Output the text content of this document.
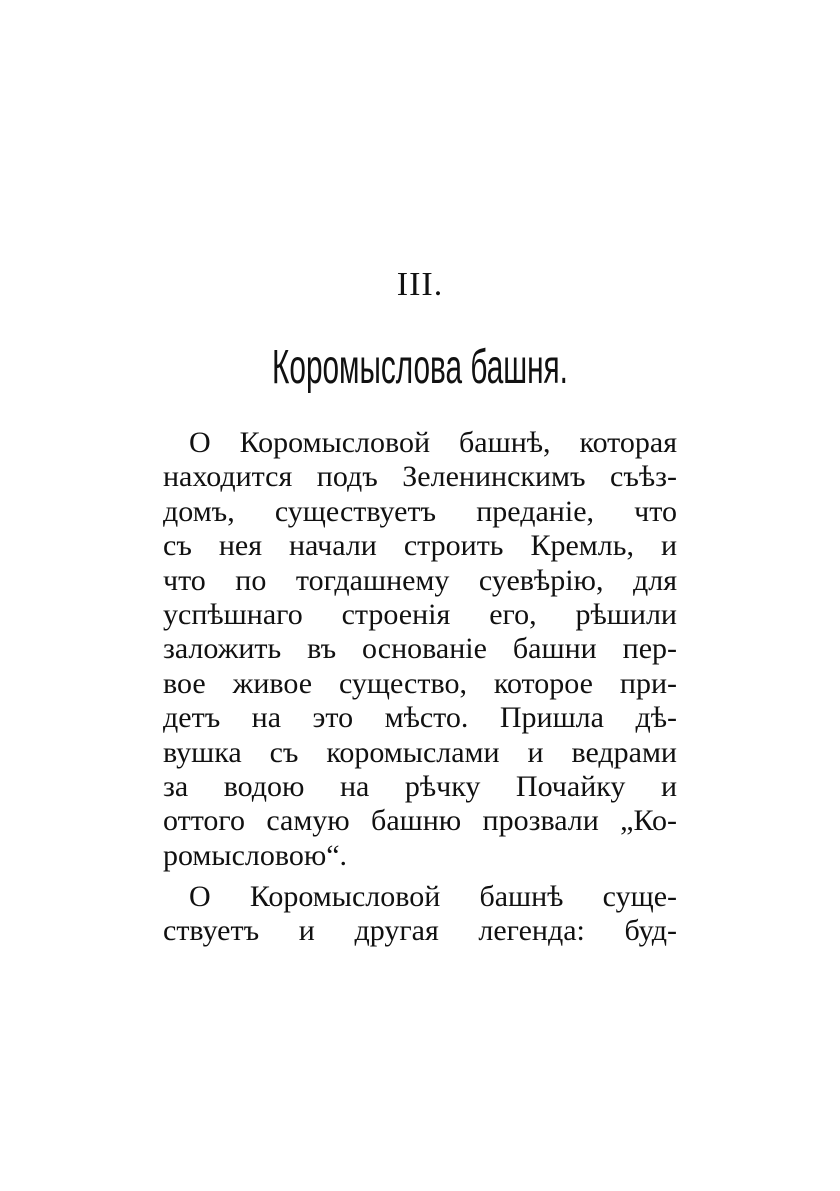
III.
Коромыслова башня.
О Коромысловой башнѣ, которая
находится подъ Зеленинскимъ съѣз-
домъ, существуетъ преданіе, что
съ нея начали строить Кремль, и
что по тогдашнему суевѣрію, для
успѣшнаго строенія его, рѣшили
заложить въ основаніе башни пер-
вое живое существо, которое при-
детъ на это мѣсто. Пришла дѣ-
вушка съ коромыслами и ведрами
за водою на рѣчку Почайку и
оттого самую башню прозвали „Ко-
ромысловою“.
О Коромысловой башнѣ суще-
ствуетъ и другая легенда: буд-
